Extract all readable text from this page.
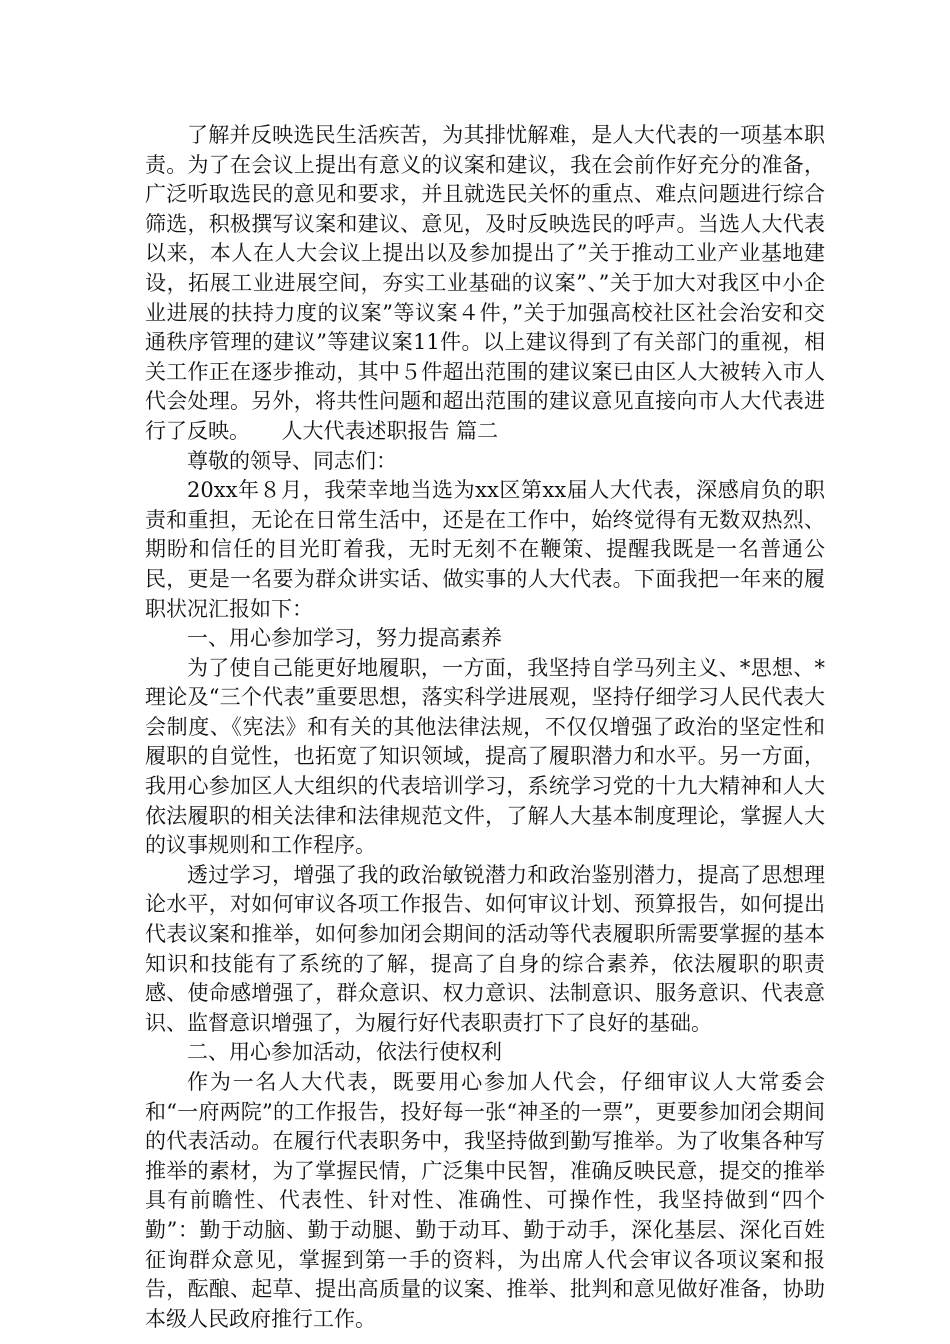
了解并反映选民生活疾苦，为其排忧解难，是人大代表的一项基本职责。为了在会议上提出有意义的议案和建议，我在会前作好充分的准备，广泛听取选民的意见和要求，并且就选民关怀的重点、难点问题进行综合筛选，积极撰写议案和建议、意见，及时反映选民的呼声。当选人大代表以来，本人在人大会议上提出以及参加提出了”关于推动工业产业基地建设，拓展工业进展空间，夯实工业基础的议案”、”关于加大对我区中小企业进展的扶持力度的议案”等议案４件，”关于加强高校社区社会治安和交通秩序管理的建议”等建议案11件。以上建议得到了有关部门的重视，相关工作正在逐步推动，其中５件超出范围的建议案已由区人大被转入市人代会处理。另外，将共性问题和超出范围的建议意见直接向市人大代表进行了反映。　　人大代表述职报告 篇二

尊敬的领导、同志们：

20xx年８月，我荣幸地当选为xx区第xx届人大代表，深感肩负的职责和重担，无论在日常生活中，还是在工作中，始终觉得有无数双热烈、期盼和信任的目光盯着我，无时无刻不在鞭策、提醒我既是一名普通公民，更是一名要为群众讲实话、做实事的人大代表。下面我把一年来的履职状况汇报如下：

一、用心参加学习，努力提高素养

为了使自己能更好地履职，一方面，我坚持自学马列主义、*思想、*理论及“三个代表”重要思想，落实科学进展观，坚持仔细学习人民代表大会制度、《宪法》和有关的其他法律法规，不仅仅增强了政治的坚定性和履职的自觉性，也拓宽了知识领域，提高了履职潜力和水平。另一方面，我用心参加区人大组织的代表培训学习，系统学习党的十九大精神和人大依法履职的相关法律和法律规范文件，了解人大基本制度理论，掌握人大的议事规则和工作程序。

透过学习，增强了我的政治敏锐潜力和政治鉴别潜力，提高了思想理论水平，对如何审议各项工作报告、如何审议计划、预算报告，如何提出代表议案和推举，如何参加闭会期间的活动等代表履职所需要掌握的基本知识和技能有了系统的了解，提高了自身的综合素养，依法履职的职责感、使命感增强了，群众意识、权力意识、法制意识、服务意识、代表意识、监督意识增强了，为履行好代表职责打下了良好的基础。

二、用心参加活动，依法行使权利

作为一名人大代表，既要用心参加人代会，仔细审议人大常委会和“一府两院”的工作报告，投好每一张“神圣的一票”，更要参加闭会期间的代表活动。在履行代表职务中，我坚持做到勤写推举。为了收集各种写推举的素材，为了掌握民情，广泛集中民智，准确反映民意，提交的推举具有前瞻性、代表性、针对性、准确性、可操作性，我坚持做到“四个勤”：勤于动脑、勤于动腿、勤于动耳、勤于动手，深化基层、深化百姓征询群众意见，掌握到第一手的资料，为出席人代会审议各项议案和报告，酝酿、起草、提出高质量的议案、推举、批判和意见做好准备，协助本级人民政府推行工作。
